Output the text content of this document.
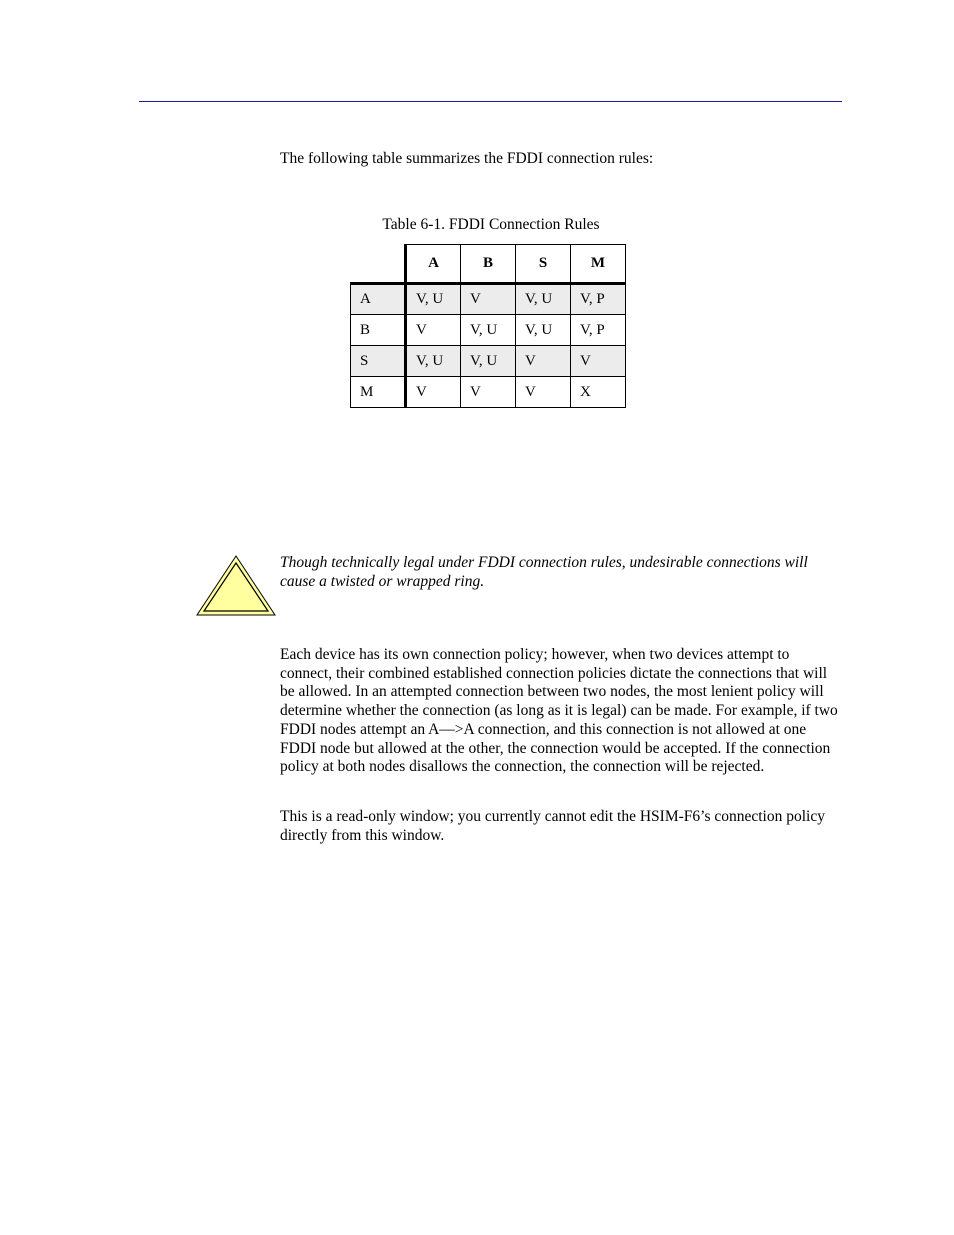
The following table summarizes the FDDI connection rules:

Table 6-1. FDDI Connection Rules

	A	B	S	M
A	V, U	V	V, U	V, P
B	V	V, U	V, U	V, P
S	V, U	V, U	V	V
M	V	V	V	X

Though technically legal under FDDI connection rules, undesirable connections will cause a twisted or wrapped ring.

Each device has its own connection policy; however, when two devices attempt to connect, their combined established connection policies dictate the connections that will be allowed. In an attempted connection between two nodes, the most lenient policy will determine whether the connection (as long as it is legal) can be made. For example, if two FDDI nodes attempt an A—>A connection, and this connection is not allowed at one FDDI node but allowed at the other, the connection would be accepted. If the connection policy at both nodes disallows the connection, the connection will be rejected.

This is a read-only window; you currently cannot edit the HSIM-F6’s connection policy directly from this window.
